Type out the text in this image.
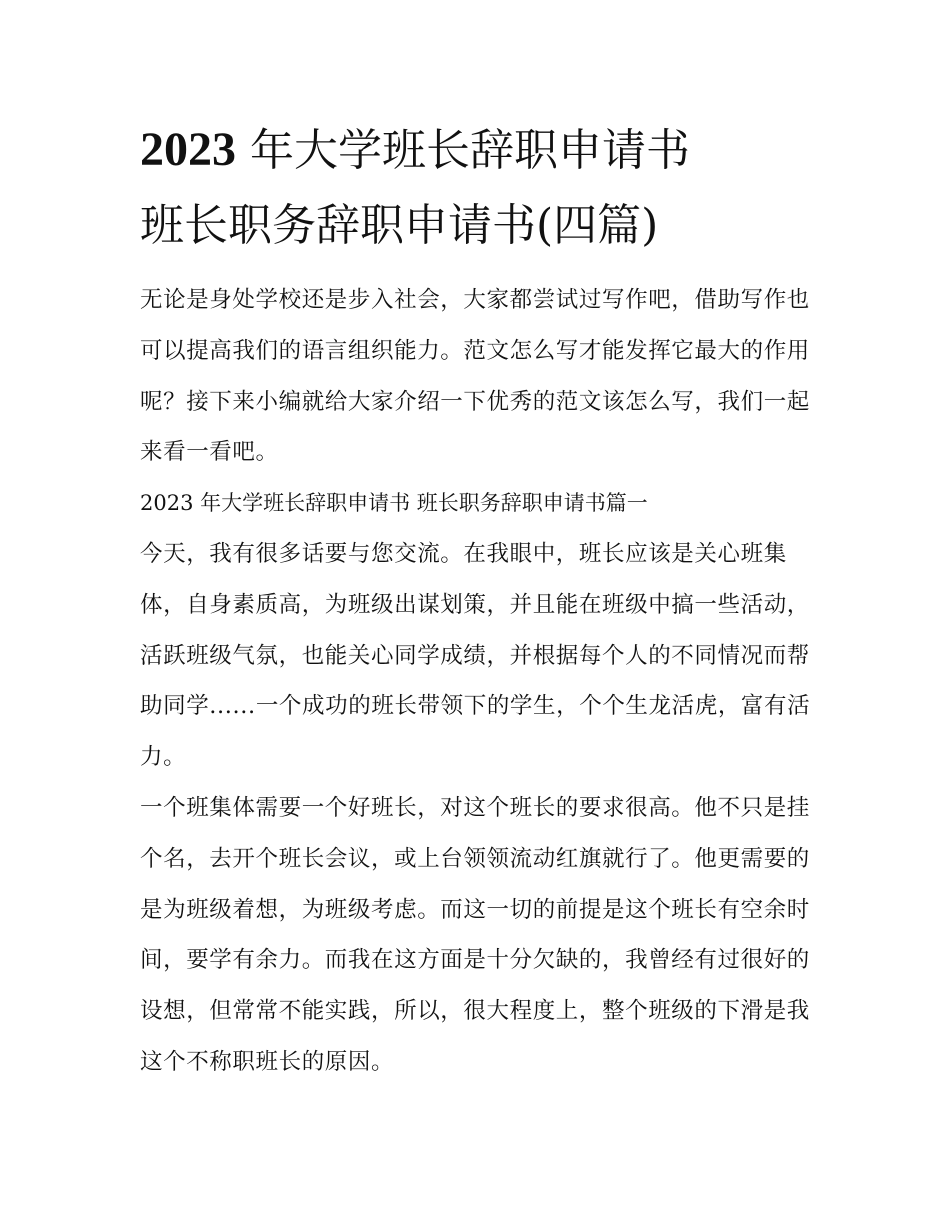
2023 年大学班长辞职申请书
班长职务辞职申请书(四篇)

无论是身处学校还是步入社会，大家都尝试过写作吧，借助写作也可以提高我们的语言组织能力。范文怎么写才能发挥它最大的作用呢？接下来小编就给大家介绍一下优秀的范文该怎么写，我们一起来看一看吧。

2023 年大学班长辞职申请书 班长职务辞职申请书篇一

今天，我有很多话要与您交流。在我眼中，班长应该是关心班集体，自身素质高，为班级出谋划策，并且能在班级中搞一些活动，活跃班级气氛，也能关心同学成绩，并根据每个人的不同情况而帮助同学......一个成功的班长带领下的学生，个个生龙活虎，富有活力。

一个班集体需要一个好班长，对这个班长的要求很高。他不只是挂个名，去开个班长会议，或上台领领流动红旗就行了。他更需要的是为班级着想，为班级考虑。而这一切的前提是这个班长有空余时间，要学有余力。而我在这方面是十分欠缺的，我曾经有过很好的设想，但常常不能实践，所以，很大程度上，整个班级的下滑是我这个不称职班长的原因。
